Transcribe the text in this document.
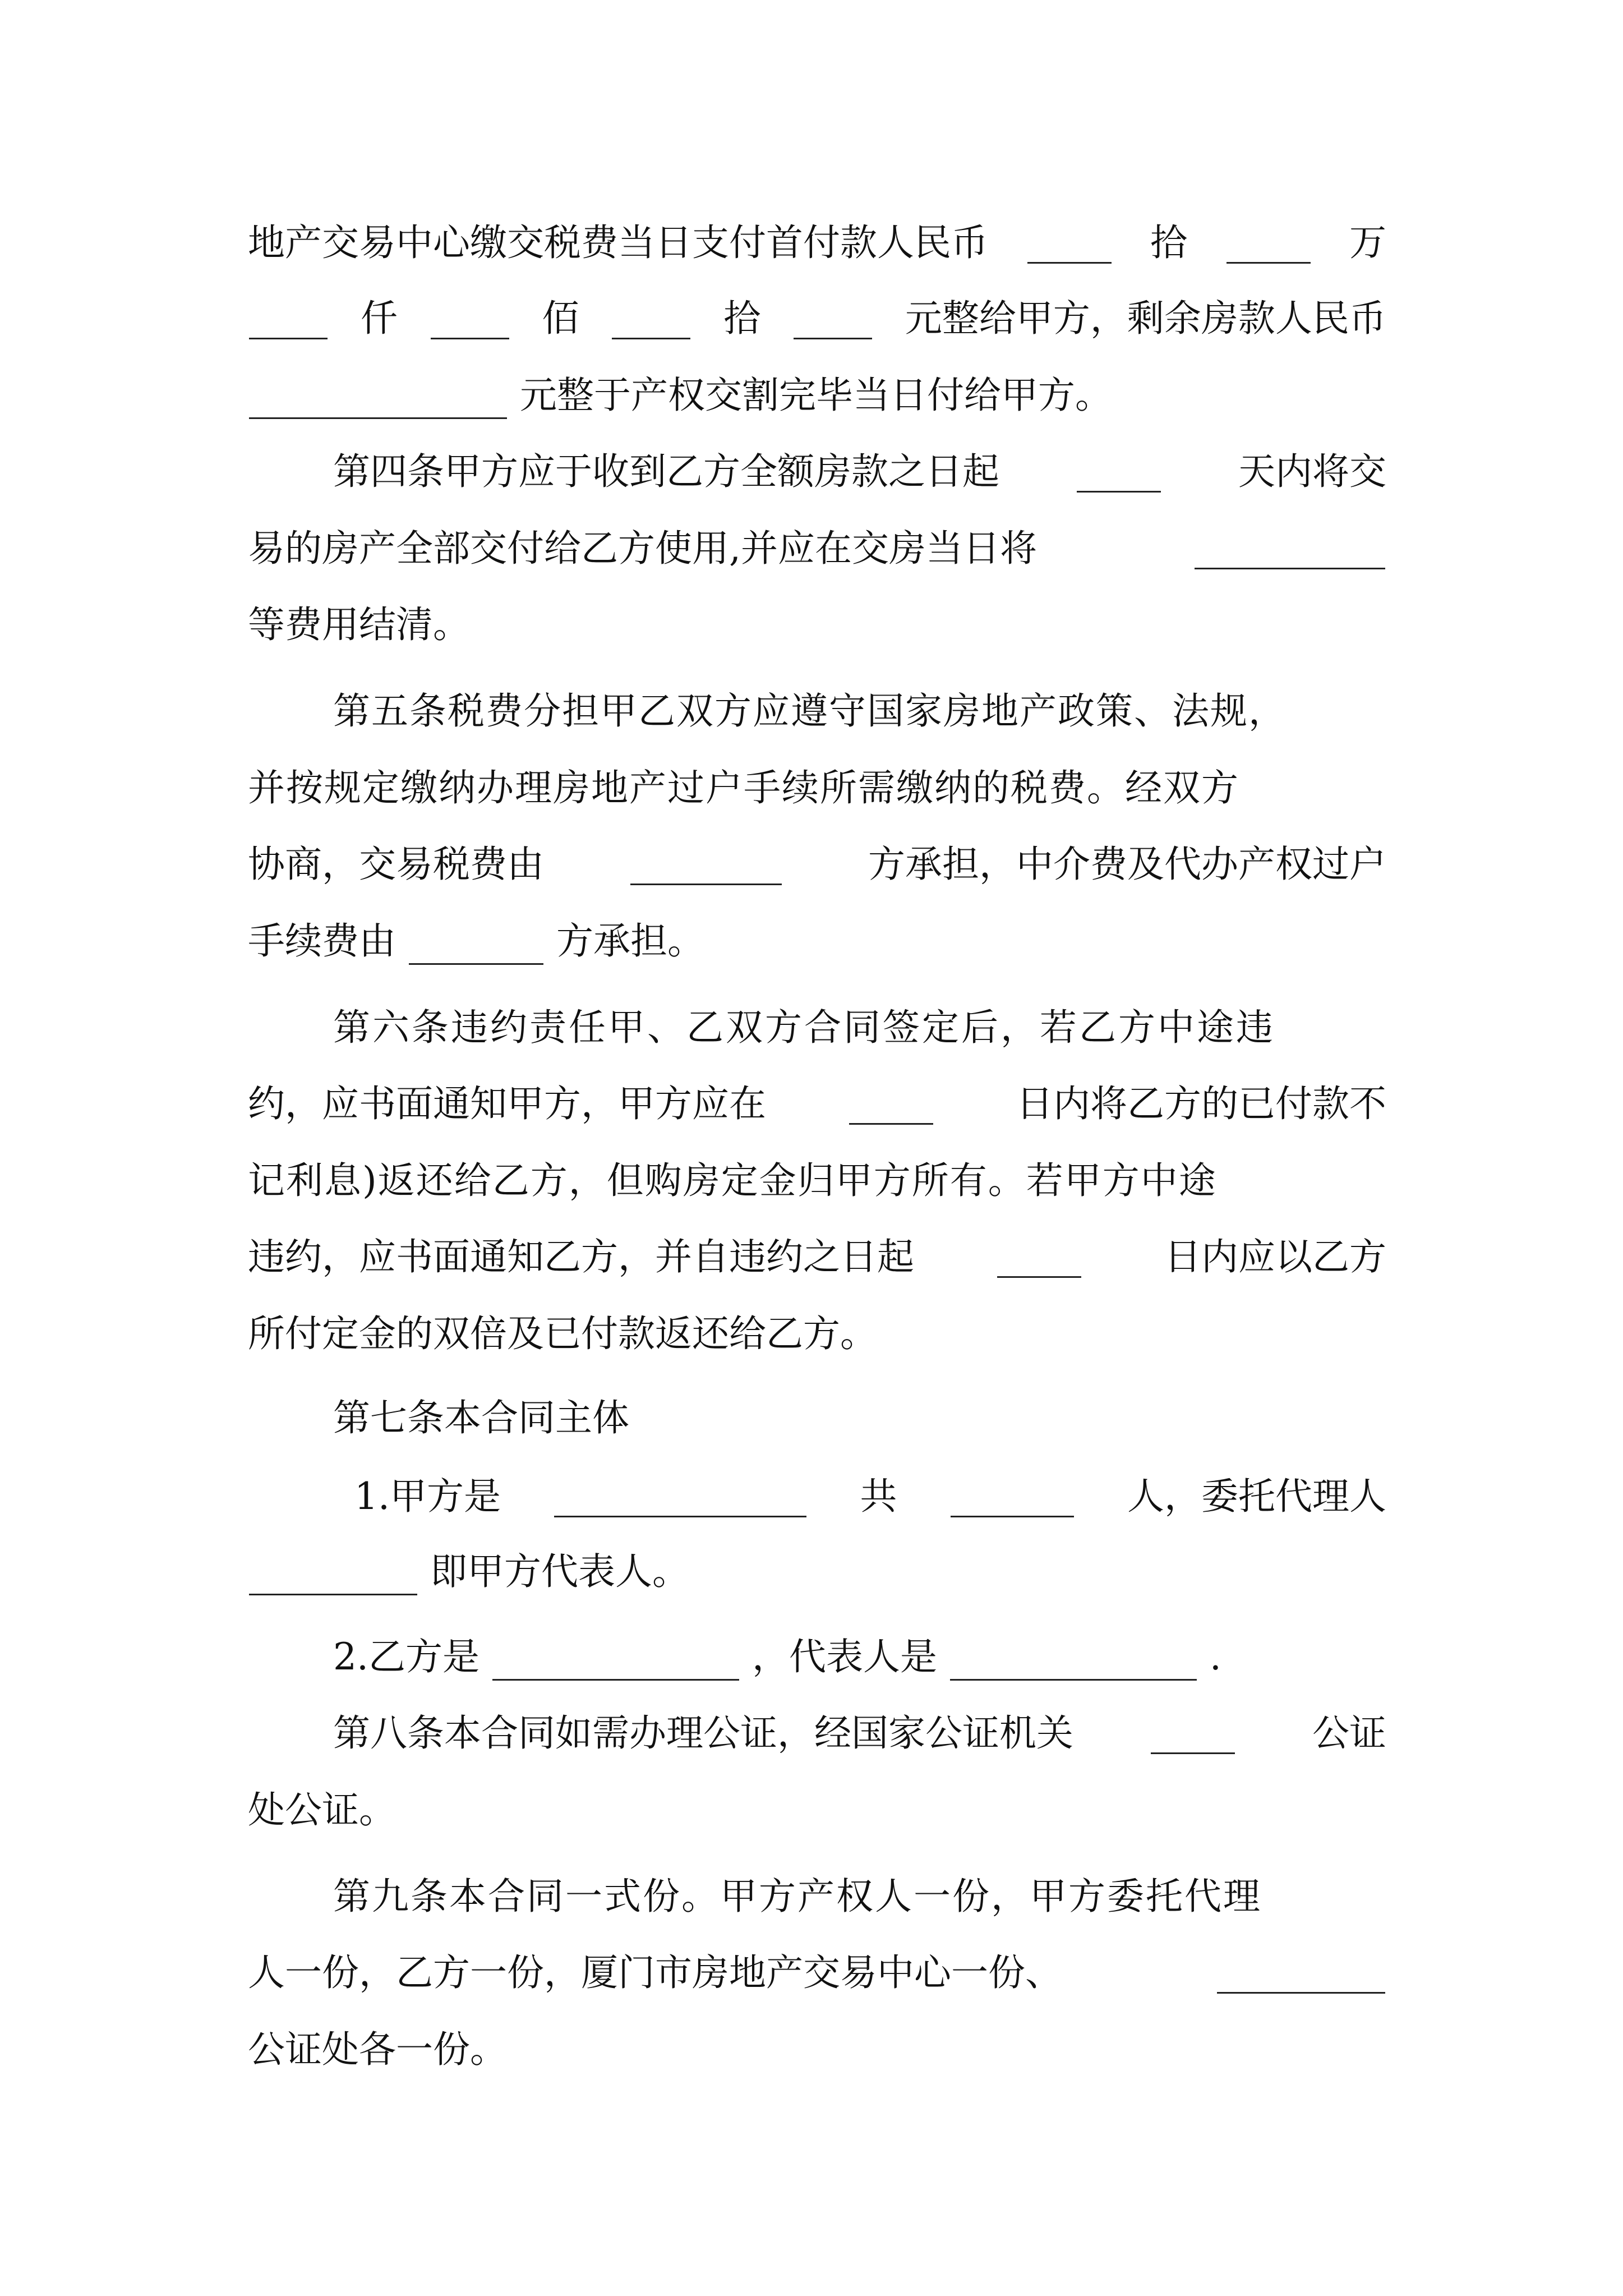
地产交易中心缴交税费当日支付首付款人民币	拾	万
仟	佰	拾	元整给甲方，剩余房款人民币
元整于产权交割完毕当日付给甲方。
第四条甲方应于收到乙方全额房款之日起	天内将交
易的房产全部交付给乙方使用,并应在交房当日将
等费用结清。
第五条税费分担甲乙双方应遵守国家房地产政策、法规，
并按规定缴纳办理房地产过户手续所需缴纳的税费。经双方
协商，交易税费由	方承担，中介费及代办产权过户
手续费由	方承担。
第六条违约责任甲、乙双方合同签定后，若乙方中途违
约，应书面通知甲方，甲方应在	日内将乙方的已付款不
记利息)返还给乙方，但购房定金归甲方所有。若甲方中途
违约，应书面通知乙方，并自违约之日起	日内应以乙方
所付定金的双倍及已付款返还给乙方。
第七条本合同主体
1.甲方是	共	人，委托代理人
即甲方代表人。
2.乙方是	，代表人是	.
第八条本合同如需办理公证，经国家公证机关	公证
处公证。
第九条本合同一式份。甲方产权人一份，甲方委托代理
人一份，乙方一份，厦门市房地产交易中心一份、
公证处各一份。
